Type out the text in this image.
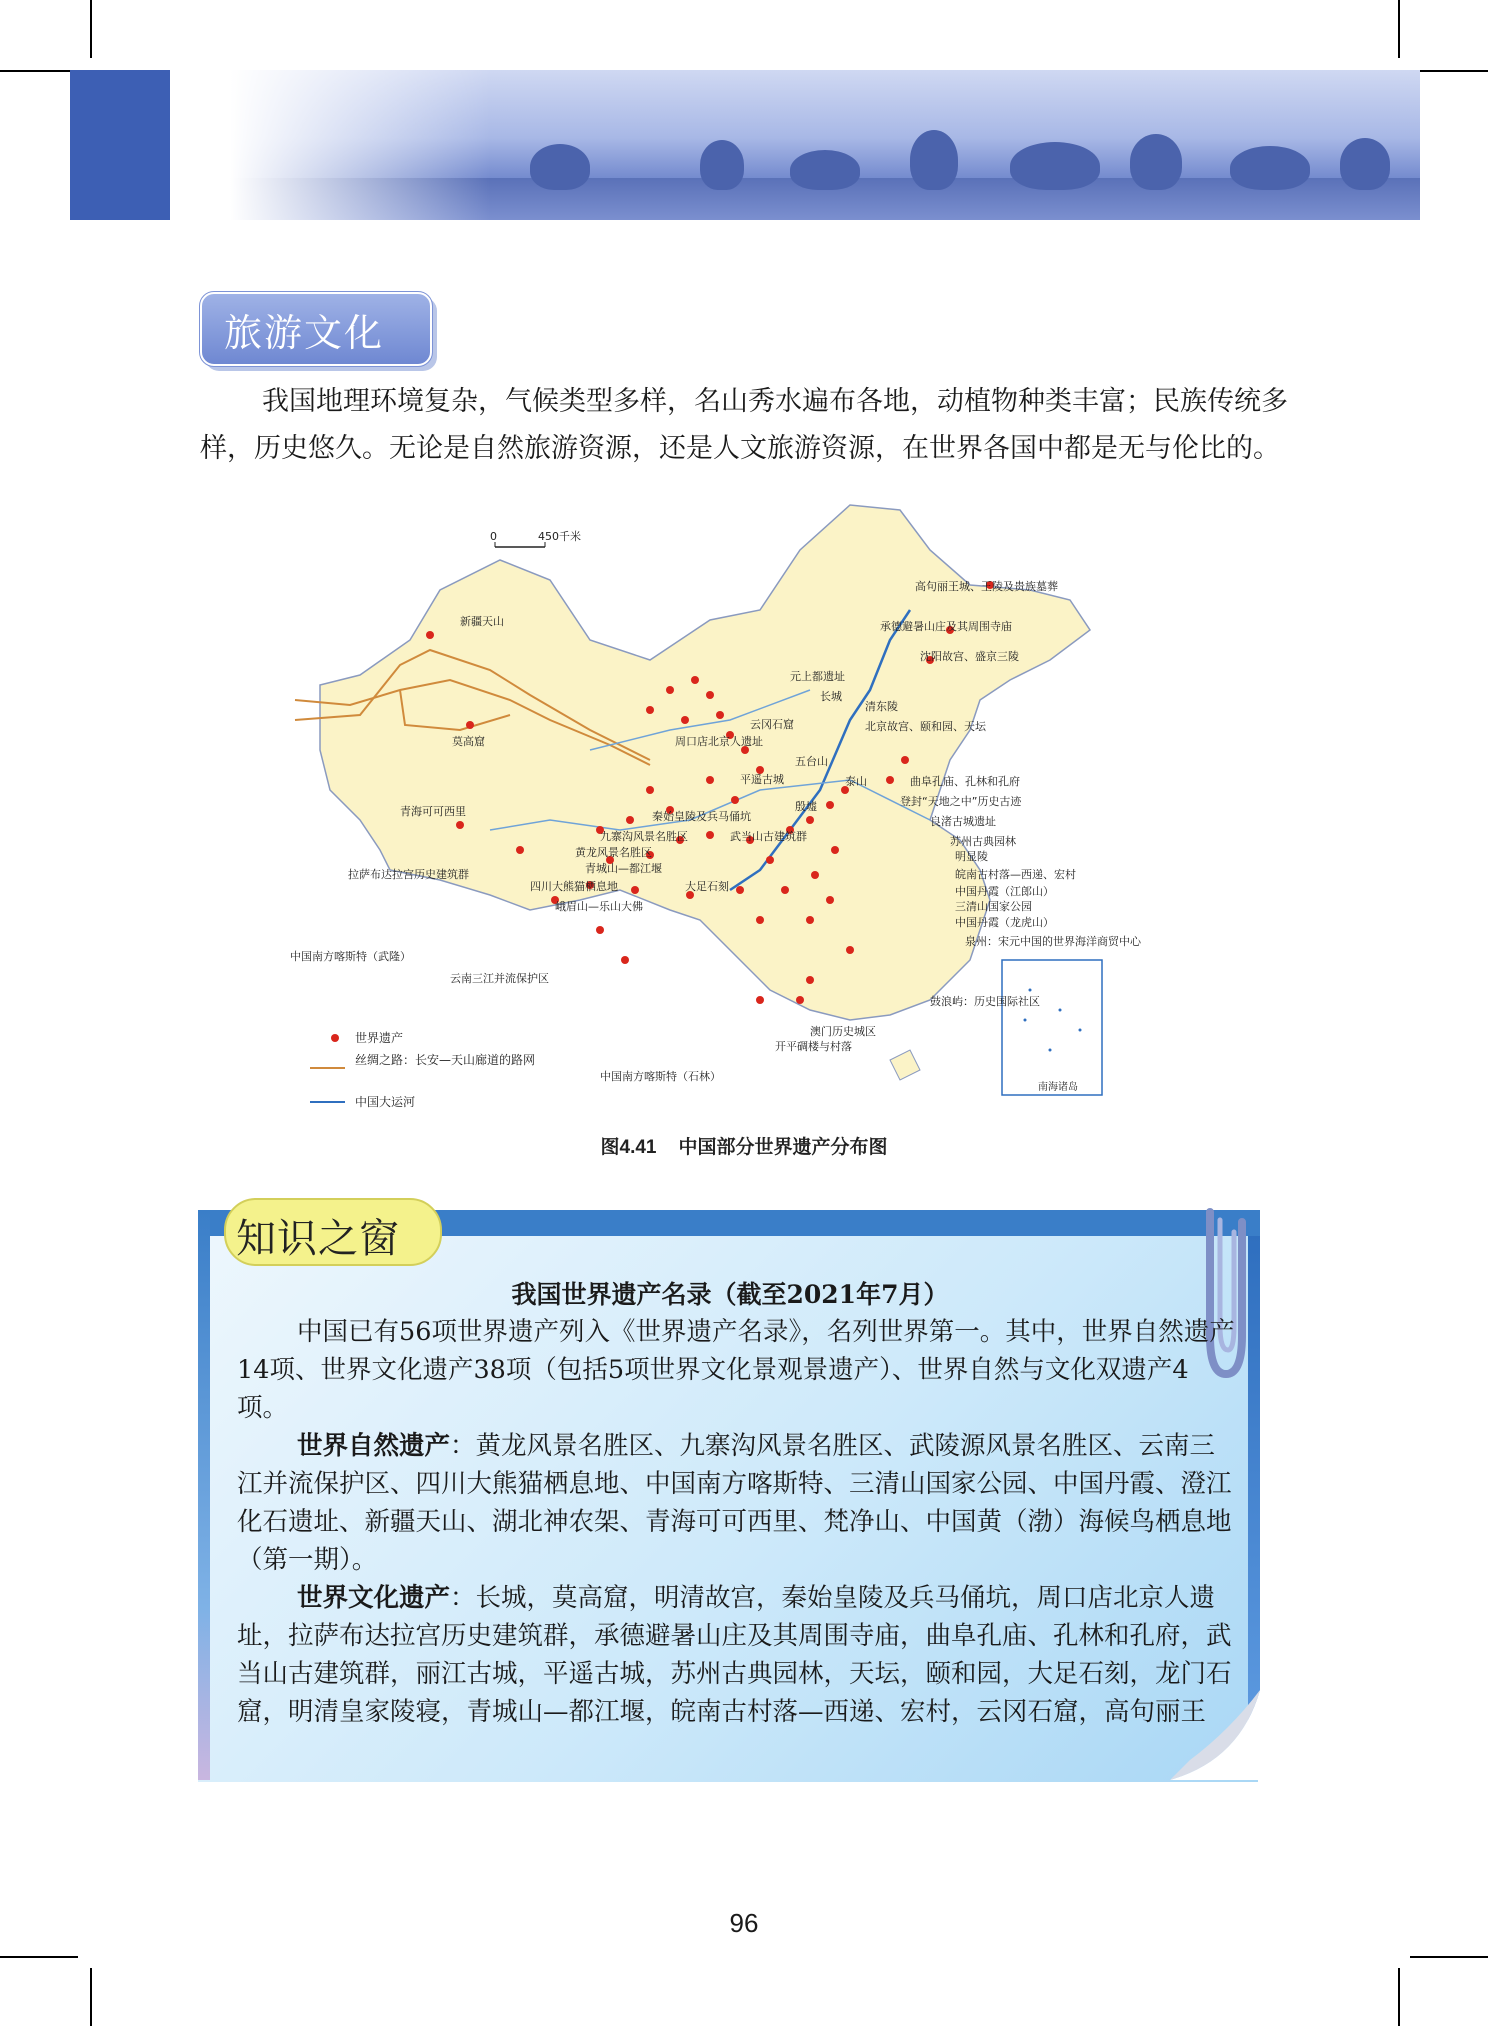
旅游文化
我国地理环境复杂，气候类型多样，名山秀水遍布各地，动植物种类丰富；民族传统多样，历史悠久。无论是自然旅游资源，还是人文旅游资源，在世界各国中都是无与伦比的。
0	450千米
南海诸岛
新疆天山
莫高窟
青海可可西里
拉萨布达拉宫历史建筑群
高句丽王城、王陵及贵族墓葬
承德避暑山庄及其周围寺庙
沈阳故宫、盛京三陵
元上都遗址
长城
清东陵
云冈石窟	北京故宫、颐和园、天坛
周口店北京人遗址
五台山
平遥古城	泰山	曲阜孔庙、孔林和孔府
殷墟	登封“天地之中”历史古迹
秦始皇陵及兵马俑坑	良渚古城遗址
九寨沟风景名胜区	武当山古建筑群	苏州古典园林
黄龙风景名胜区	明显陵
青城山—都江堰	皖南古村落—西递、宏村
四川大熊猫栖息地	大足石刻	中国丹霞（江郎山）
峨眉山—乐山大佛	三清山国家公园
中国丹霞（龙虎山）
中国南方喀斯特（武隆）
泉州：宋元中国的世界海洋商贸中心
云南三江并流保护区
鼓浪屿：历史国际社区
澳门历史城区
开平碉楼与村落
中国南方喀斯特（石林）
世界遗产
丝绸之路：长安—天山廊道的路网
中国大运河
图4.41 中国部分世界遗产分布图
知识之窗
我国世界遗产名录（截至2021年7月）

中国已有56项世界遗产列入《世界遗产名录》，名列世界第一。其中，世界自然遗产14项、世界文化遗产38项（包括5项世界文化景观景遗产）、世界自然与文化双遗产4项。

世界自然遗产：黄龙风景名胜区、九寨沟风景名胜区、武陵源风景名胜区、云南三江并流保护区、四川大熊猫栖息地、中国南方喀斯特、三清山国家公园、中国丹霞、澄江化石遗址、新疆天山、湖北神农架、青海可可西里、梵净山、中国黄（渤）海候鸟栖息地（第一期）。

世界文化遗产：长城，莫高窟，明清故宫，秦始皇陵及兵马俑坑，周口店北京人遗址，拉萨布达拉宫历史建筑群，承德避暑山庄及其周围寺庙，曲阜孔庙、孔林和孔府，武当山古建筑群，丽江古城，平遥古城，苏州古典园林，天坛，颐和园，大足石刻，龙门石窟，明清皇家陵寝，青城山—都江堰，皖南古村落—西递、宏村，云冈石窟，高句丽王

96
